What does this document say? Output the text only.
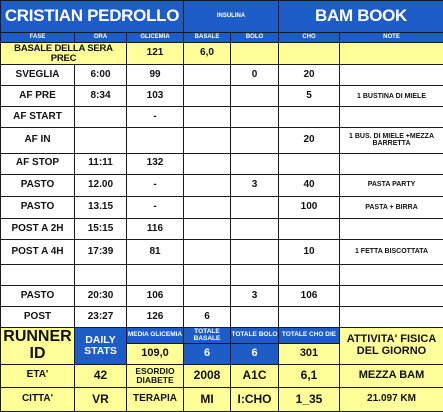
CRISTIAN PEDROLLO			INSULINA		BAM BOOK	
FASE	ORA	GLICEMIA	BASALE	BOLO	CHO	NOTE
BASALE DELLA SERA PREC		121	6,0			
SVEGLIA	6:00	99		0	20	
AF PRE	8:34	103			5	1 BUSTINA DI MIELE
AF START		-				
AF IN					20	1 BUS. DI MIELE +MEZZA BARRETTA
AF STOP	11:11	132				
PASTO	12.00	-		3	40	PASTA PARTY
PASTO	13.15	-			100	PASTA + BIRRA
POST A 2H	15:15	116				
POST A 4H	17:39	81			10	1 FETTA BISCOTTATA

PASTO	20:30	106		3	106	
POST	23:27	126	6			
RUNNER ID	DAILY STATS	MEDIA GLICEMIA	TOTALE BASALE	TOTALE BOLO	TOTALE CHO DIE	ATTIVITA' FISICA DEL GIORNO
		109,0	6	6	301	
ETA'	42	ESORDIO DIABETE	2008	A1C	6,1	MEZZA BAM
CITTA'	VR	TERAPIA	MI	I:CHO	1_35	21.097 KM
